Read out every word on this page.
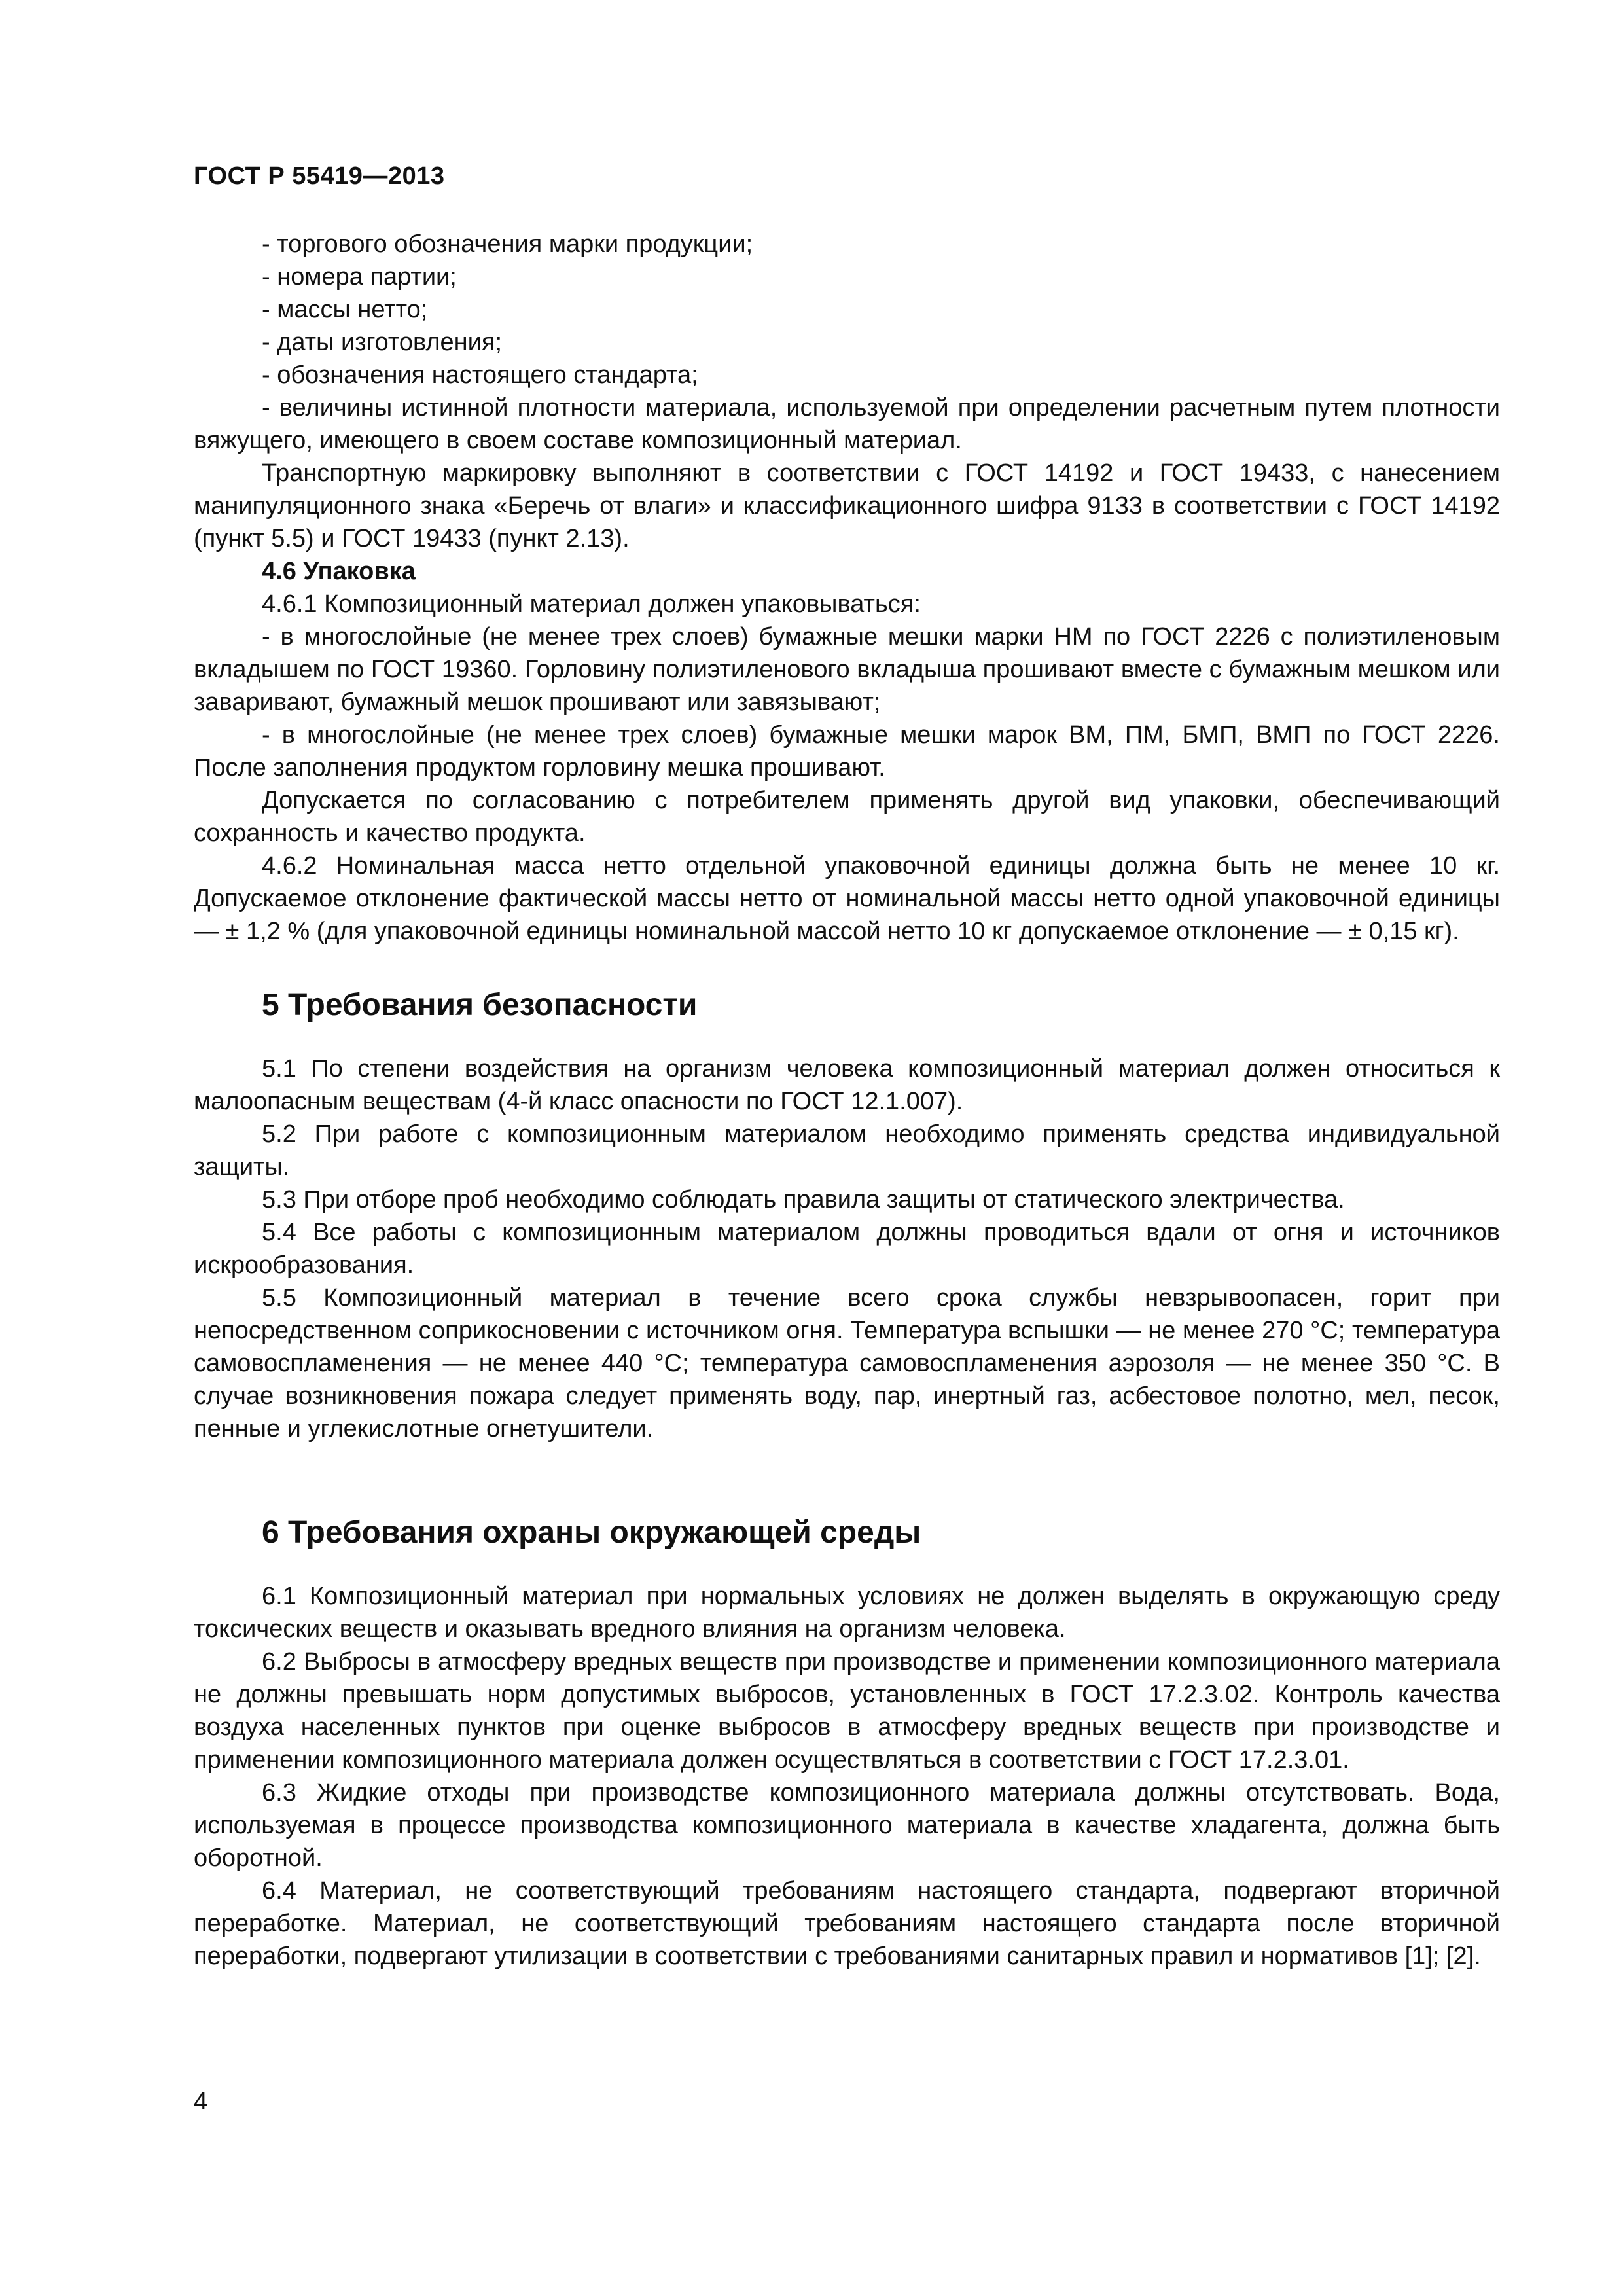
ГОСТ Р 55419—2013

- торгового обозначения марки продукции;

- номера партии;

- массы нетто;

- даты изготовления;

- обозначения настоящего стандарта;

- величины истинной плотности материала, используемой при определении расчетным путем плотности вяжущего, имеющего в своем составе композиционный материал.

Транспортную маркировку выполняют в соответствии с ГОСТ 14192 и ГОСТ 19433, с нанесением манипуляционного знака «Беречь от влаги» и классификационного шифра 9133 в соответствии с ГОСТ 14192 (пункт 5.5) и ГОСТ 19433 (пункт 2.13).

4.6 Упаковка

4.6.1 Композиционный материал должен упаковываться:

- в многослойные (не менее трех слоев) бумажные мешки марки НМ по ГОСТ 2226 с полиэтиленовым вкладышем по ГОСТ 19360. Горловину полиэтиленового вкладыша прошивают вместе с бумажным мешком или заваривают, бумажный мешок прошивают или завязывают;

- в многослойные (не менее трех слоев) бумажные мешки марок ВМ, ПМ, БМП, ВМП по ГОСТ 2226. После заполнения продуктом горловину мешка прошивают.

Допускается по согласованию с потребителем применять другой вид упаковки, обеспечивающий сохранность и качество продукта.

4.6.2 Номинальная масса нетто отдельной упаковочной единицы должна быть не менее 10 кг. Допускаемое отклонение фактической массы нетто от номинальной массы нетто одной упаковочной единицы — ± 1,2 % (для упаковочной единицы номинальной массой нетто 10 кг допускаемое отклонение — ± 0,15 кг).

5 Требования безопасности

5.1 По степени воздействия на организм человека композиционный материал должен относиться к малоопасным веществам (4-й класс опасности по ГОСТ 12.1.007).

5.2 При работе с композиционным материалом необходимо применять средства индивидуальной защиты.

5.3 При отборе проб необходимо соблюдать правила защиты от статического электричества.

5.4 Все работы с композиционным материалом должны проводиться вдали от огня и источников искрообразования.

5.5 Композиционный материал в течение всего срока службы невзрывоопасен, горит при непосредственном соприкосновении с источником огня. Температура вспышки — не менее 270 °С; температура самовоспламенения — не менее 440 °С; температура самовоспламенения аэрозоля — не менее 350 °С. В случае возникновения пожара следует применять воду, пар, инертный газ, асбестовое полотно, мел, песок, пенные и углекислотные огнетушители.

6 Требования охраны окружающей среды

6.1 Композиционный материал при нормальных условиях не должен выделять в окружающую среду токсических веществ и оказывать вредного влияния на организм человека.

6.2 Выбросы в атмосферу вредных веществ при производстве и применении композиционного материала не должны превышать норм допустимых выбросов, установленных в ГОСТ 17.2.3.02. Контроль качества воздуха населенных пунктов при оценке выбросов в атмосферу вредных веществ при производстве и применении композиционного материала должен осуществляться в соответствии с ГОСТ 17.2.3.01.

6.3 Жидкие отходы при производстве композиционного материала должны отсутствовать. Вода, используемая в процессе производства композиционного материала в качестве хладагента, должна быть оборотной.

6.4 Материал, не соответствующий требованиям настоящего стандарта, подвергают вторичной переработке. Материал, не соответствующий требованиям настоящего стандарта после вторичной переработки, подвергают утилизации в соответствии с требованиями санитарных правил и нормативов [1]; [2].

4
